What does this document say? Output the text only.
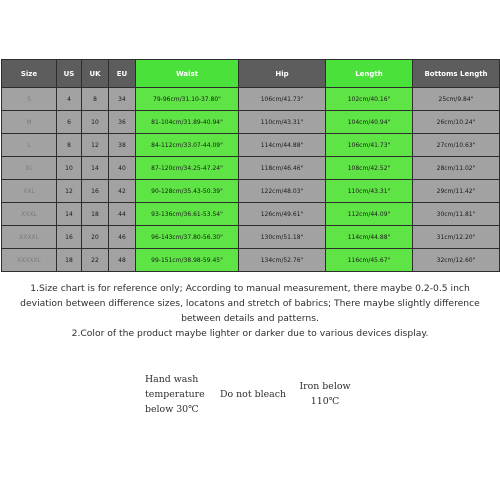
Size	US	UK	EU	Waist	Hip	Length	Bottoms Length
S	4	8	34	79-96cm/31.10-37.80"	106cm/41.73"	102cm/40.16"	25cm/9.84"
M	6	10	36	81-104cm/31.89-40.94"	110cm/43.31"	104cm/40.94"	26cm/10.24"
L	8	12	38	84-112cm/33.07-44.09"	114cm/44.88"	106cm/41.73"	27cm/10.63"
XL	10	14	40	87-120cm/34.25-47.24"	118cm/46.46"	108cm/42.52"	28cm/11.02"
XXL	12	16	42	90-128cm/35.43-50.39"	122cm/48.03"	110cm/43.31"	29cm/11.42"
XXXL	14	18	44	93-136cm/36.61-53.54"	126cm/49.61"	112cm/44.09"	30cm/11.81"
XXXXL	16	20	46	96-143cm/37.80-56.30"	130cm/51.18"	114cm/44.88"	31cm/12.20"
XXXXXL	18	22	48	99-151cm/38.98-59.45"	134cm/52.76"	116cm/45.67"	32cm/12.60"

1.Size chart is for reference only; According to manual measurement, there maybe 0.2-0.5 inch

deviation between difference sizes, locatons and stretch of babrics; There maybe slightly difference

between details and patterns.

2.Color of the product maybe lighter or darker due to various devices display.

Hand wash
temperature
below 30℃
Do not bleach
Iron below
110℃
